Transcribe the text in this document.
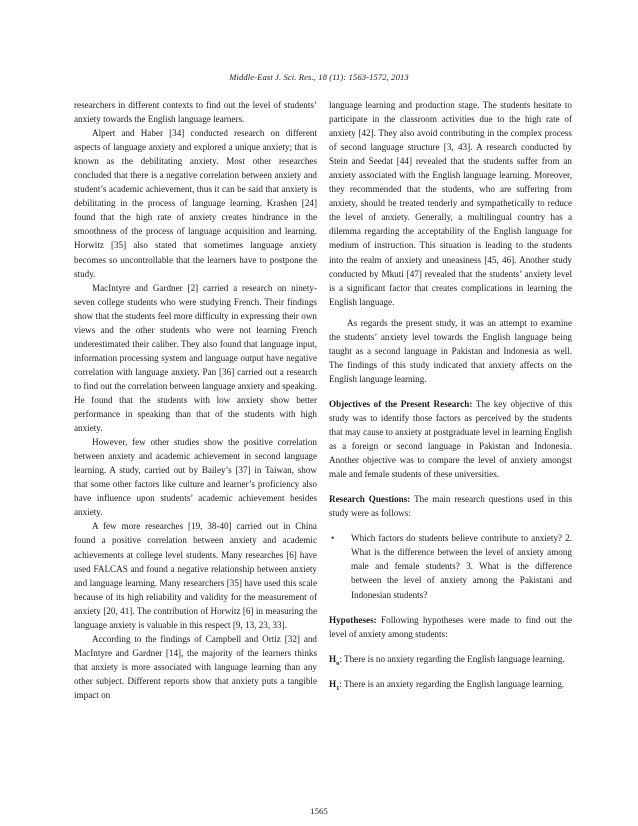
Middle-East J. Sci. Res., 18 (11): 1563-1572, 2013

researchers in different contexts to find out the level of students’ anxiety towards the English language learners.

Alpert and Haber [34] conducted research on different aspects of language anxiety and explored a unique anxiety; that is known as the debilitating anxiety. Most other researches concluded that there is a negative correlation between anxiety and student’s academic achievement, thus it can be said that anxiety is debilitating in the process of language learning. Krashen [24] found that the high rate of anxiety creates hindrance in the smoothness of the process of language acquisition and learning. Horwitz [35] also stated that sometimes language anxiety becomes so uncontrollable that the learners have to postpone the study.

MacIntyre and Gardner [2] carried a research on ninety-seven college students who were studying French. Their findings show that the students feel more difficulty in expressing their own views and the other students who were not learning French underestimated their caliber. They also found that language input, information processing system and language output have negative correlation with language anxiety. Pan [36] carried out a research to find out the correlation between language anxiety and speaking. He found that the students with low anxiety show better performance in speaking than that of the students with high anxiety.

However, few other studies show the positive correlation between anxiety and academic achievement in second language learning. A study, carried out by Bailey’s [37] in Taiwan, show that some other factors like culture and learner’s proficiency also have influence upon students’ academic achievement besides anxiety.

A few more researches [19, 38-40] carried out in China found a positive correlation between anxiety and academic achievements at college level students. Many researches [6] have used FALCAS and found a negative relationship between anxiety and language learning. Many researchers [35] have used this scale because of its high reliability and validity for the measurement of anxiety [20, 41]. The contribution of Horwitz [6] in measuring the language anxiety is valuable in this respect [9, 13, 23, 33].

According to the findings of Campbell and Ortiz [32] and MacIntyre and Gardner [14], the majority of the learners thinks that anxiety is more associated with language learning than any other subject. Different reports show that anxiety puts a tangible impact on

language learning and production stage. The students hesitate to participate in the classroom activities due to the high rate of anxiety [42]. They also avoid contributing in the complex process of second language structure [3, 43]. A research conducted by Stein and Seedat [44] revealed that the students suffer from an anxiety associated with the English language learning. Moreover, they recommended that the students, who are suffering from anxiety, should be treated tenderly and sympathetically to reduce the level of anxiety. Generally, a multilingual country has a dilemma regarding the acceptability of the English language for medium of instruction. This situation is leading to the students into the realm of anxiety and uneasiness [45, 46]. Another study conducted by Mkuti [47] revealed that the students’ anxiety level is a significant factor that creates complications in learning the English language.

As regards the present study, it was an attempt to examine the students’ anxiety level towards the English language being taught as a second language in Pakistan and Indonesia as well. The findings of this study indicated that anxiety affects on the English language learning.

Objectives of the Present Research: The key objective of this study was to identify those factors as perceived by the students that may cause to anxiety at postgraduate level in learning English as a foreign or second language in Pakistan and Indonesia. Another objective was to compare the level of anxiety amongst male and female students of these universities.

Research Questions: The main research questions used in this study were as follows:

•	Which factors do students believe contribute to anxiety? 2. What is the difference between the level of anxiety among male and female students? 3. What is the difference between the level of anxiety among the Pakistani and Indonesian students?

Hypotheses: Following hypotheses were made to find out the level of anxiety among students:

$H_o$: There is no anxiety regarding the English language learning.

$H_1$: There is an anxiety regarding the English language learning.

1565
